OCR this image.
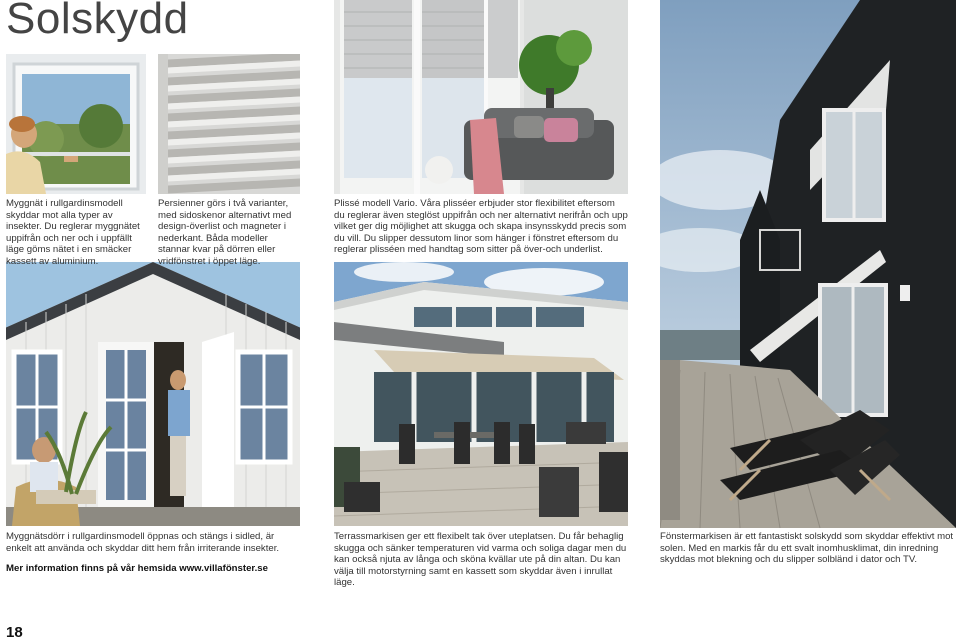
Solskydd
Myggnät i rullgardinsmodell skyddar mot alla typer av insekter. Du reglerar myggnätet uppifrån och ner och i uppfällt läge göms nätet i en smäcker kassett av aluminium.
Persienner görs i två varianter, med sidoskenor alternativt med design-överlist och magneter i nederkant. Båda modeller stannar kvar på dörren eller vridfönstret i öppet läge.
Plissé modell Vario. Våra plisséer erbjuder stor flexibilitet eftersom du reglerar även steglöst uppifrån och ner alternativt nerifrån och upp vilket ger dig möjlighet att skugga och skapa insynsskydd precis som du vill. Du slipper dessutom linor som hänger i fönstret eftersom du reglerar plisséen med handtag som sitter på över-och underlist.
Myggnätsdörr i rullgardinsmodell öppnas och stängs i sidled, är enkelt att använda och skyddar ditt hem från irriterande insekter.
Mer information finns på vår hemsida www.villafönster.se
Terrassmarkisen ger ett flexibelt tak över uteplatsen. Du får behaglig skugga och sänker temperaturen vid varma och soliga dagar men du kan också njuta av långa och sköna kvällar ute på din altan. Du kan välja till motorstyrning samt en kassett som skyddar även i inrullat läge.
Fönstermarkisen är ett fantastiskt solskydd som skyddar effektivt mot solen. Med en markis får du ett svalt inomhusklimat, din inredning skyddas mot blekning och du slipper solbländ i dator och TV.
18
